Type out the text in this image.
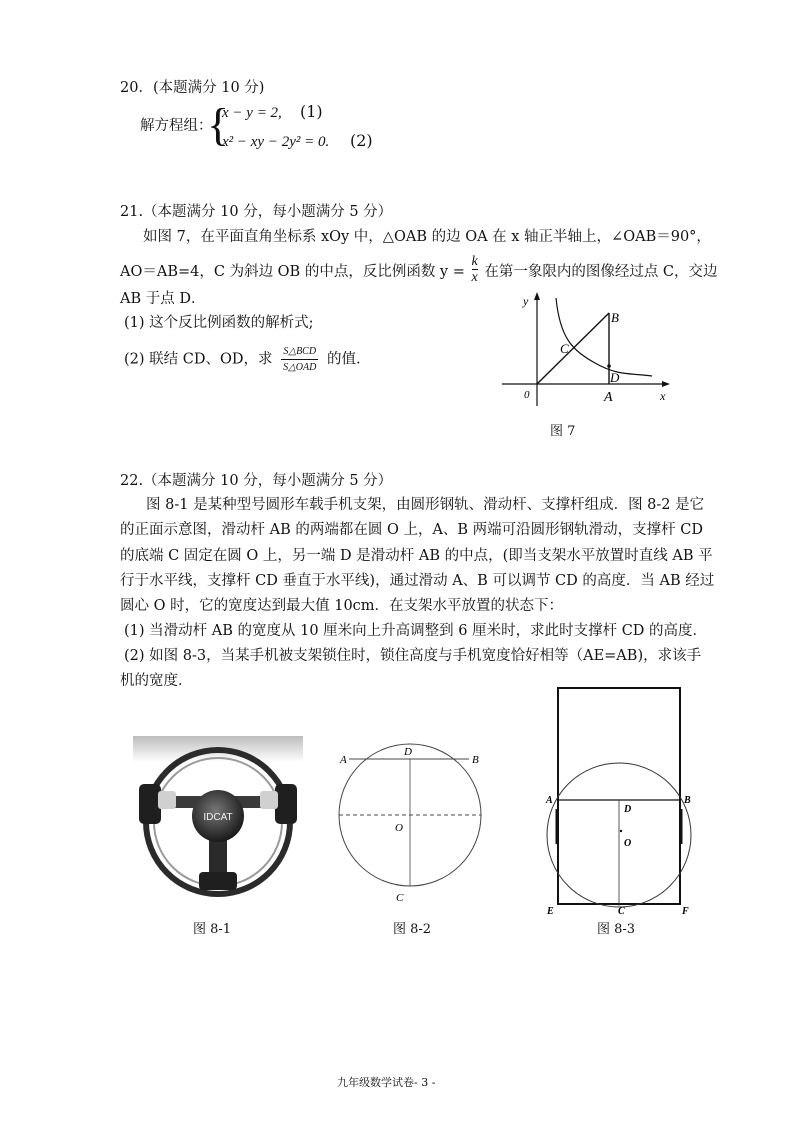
20．(本题满分 10 分)
解方程组：
{
x − y = 2, (1)
x² − xy − 2y² = 0. (2)
21.（本题满分 10 分，每小题满分 5 分）
如图 7，在平面直角坐标系 xOy 中，△OAB 的边 OA 在 x 轴正半轴上，∠OAB＝90°，
AO＝AB=4，C 为斜边 OB 的中点，反比例函数 $y = \frac{k}{x}$ 在第一象限内的图像经过点 C，交边
AB 于点 D．
(1) 这个反比例函数的解析式;
(2) 联结 CD、OD，求 $\frac{\text{S△BCD}}{\text{S△OAD}}$ 的值.
y
x
0	A
B
C
D
图 7
22.（本题满分 10 分，每小题满分 5 分）
图 8-1 是某种型号圆形车载手机支架，由圆形钢轨、滑动杆、支撑杆组成．图 8-2 是它
的正面示意图，滑动杆 AB 的两端都在圆 O 上，A、B 两端可沿圆形钢轨滑动，支撑杆 CD
的底端 C 固定在圆 O 上，另一端 D 是滑动杆 AB 的中点，(即当支架水平放置时直线 AB 平
行于水平线，支撑杆 CD 垂直于水平线)，通过滑动 A、B 可以调节 CD 的高度．当 AB 经过
圆心 O 时，它的宽度达到最大值 10cm．在支架水平放置的状态下：
(1) 当滑动杆 AB 的宽度从 10 厘米向上升高调整到 6 厘米时，求此时支撑杆 CD 的高度．
(2) 如图 8-3，当某手机被支架锁住时，锁住高度与手机宽度恰好相等（AE=AB)，求该手
机的宽度．
IDCAT
图 8-1
A	B
D
O
C
图 8-2
A	B
D
O
E	C	F
图 8-3
九年级数学试卷- 3 -
